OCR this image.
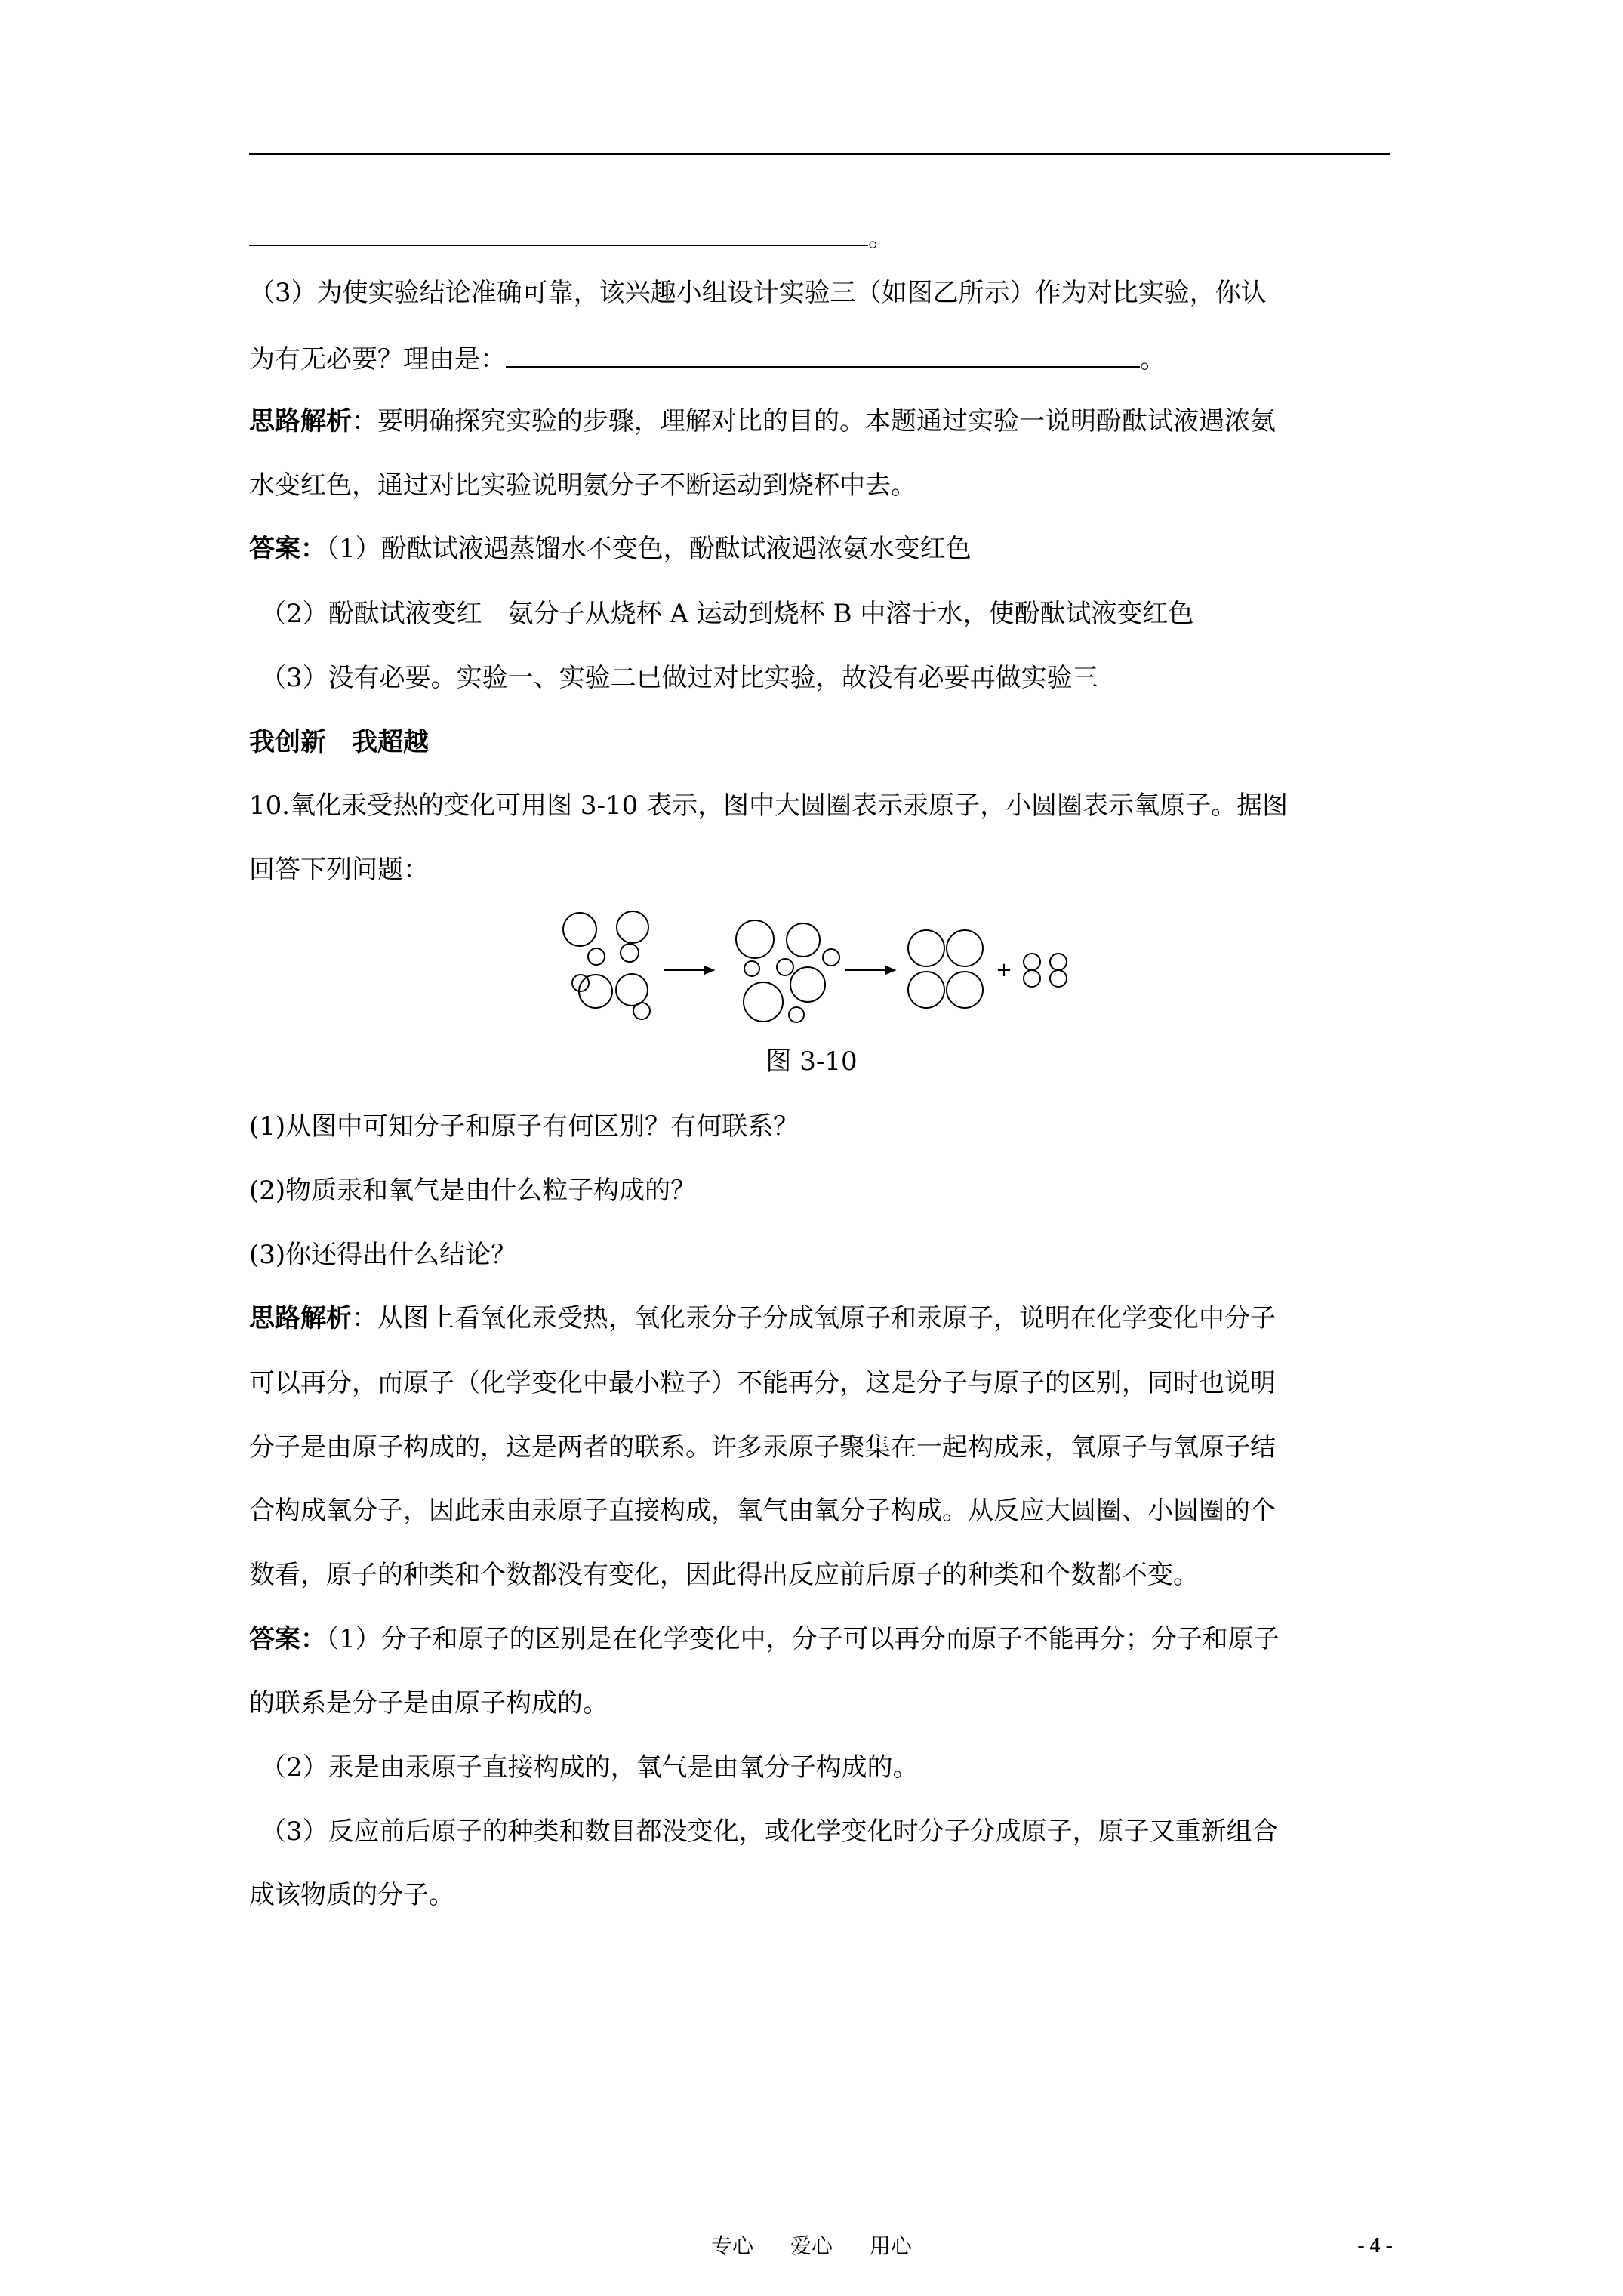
。
（3）为使实验结论准确可靠，该兴趣小组设计实验三（如图乙所示）作为对比实验，你认
为有无必要？理由是：	。
思路解析：要明确探究实验的步骤，理解对比的目的。本题通过实验一说明酚酞试液遇浓氨
水变红色，通过对比实验说明氨分子不断运动到烧杯中去。
答案：（1）酚酞试液遇蒸馏水不变色，酚酞试液遇浓氨水变红色
（2）酚酞试液变红　氨分子从烧杯 A 运动到烧杯 B 中溶于水，使酚酞试液变红色
（3）没有必要。实验一、实验二已做过对比实验，故没有必要再做实验三
我创新　我超越
10.氧化汞受热的变化可用图 3-10 表示，图中大圆圈表示汞原子，小圆圈表示氧原子。据图
回答下列问题：
+
图 3-10
(1)从图中可知分子和原子有何区别？有何联系？
(2)物质汞和氧气是由什么粒子构成的？
(3)你还得出什么结论？
思路解析：从图上看氧化汞受热，氧化汞分子分成氧原子和汞原子，说明在化学变化中分子
可以再分，而原子（化学变化中最小粒子）不能再分，这是分子与原子的区别，同时也说明
分子是由原子构成的，这是两者的联系。许多汞原子聚集在一起构成汞，氧原子与氧原子结
合构成氧分子，因此汞由汞原子直接构成，氧气由氧分子构成。从反应大圆圈、小圆圈的个
数看，原子的种类和个数都没有变化，因此得出反应前后原子的种类和个数都不变。
答案：（1）分子和原子的区别是在化学变化中，分子可以再分而原子不能再分；分子和原子
的联系是分子是由原子构成的。
（2）汞是由汞原子直接构成的，氧气是由氧分子构成的。
（3）反应前后原子的种类和数目都没变化，或化学变化时分子分成原子，原子又重新组合
成该物质的分子。
专心 爱心 用心	- 4 -
